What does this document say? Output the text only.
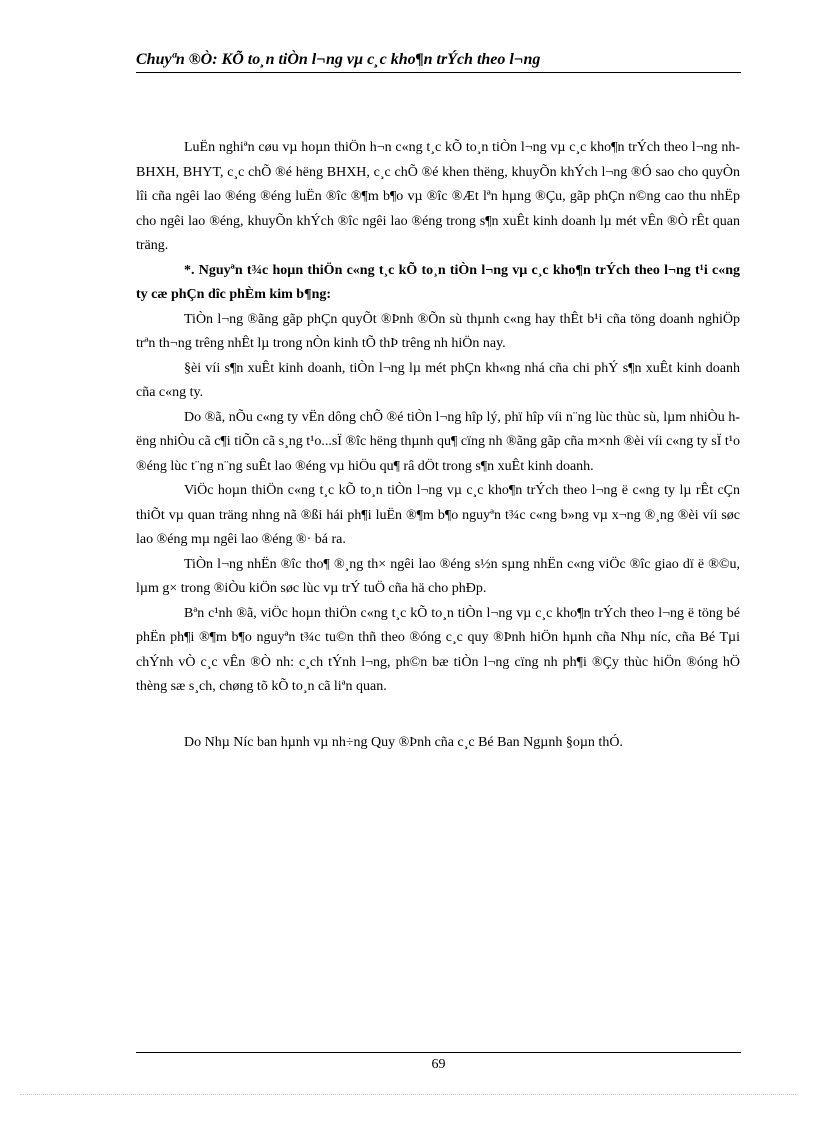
Chuyªn ®Ò: KÕ to¸n tiÒn l¬ng vµ c¸c kho¶n trÝch theo l¬ng

LuËn nghiªn cøu vµ hoµn thiÖn h¬n c«ng t¸c kÕ to¸n tiÒn l¬ng vµ c¸c kho¶n trÝch theo l¬ng nh BHXH, BHYT, c¸c chÕ ®é hëng BHXH, c¸c chÕ ®é khen thëng, khuyÕn khÝch l¬ng ®Ó sao cho quyÒn lîi cña ngêi lao ®éng ®éng luËn ®îc ®¶m b¶o vµ ®îc ®Æt lªn hµng ®Çu, gãp phÇn n©ng cao thu nhËp cho ngêi lao ®éng, khuyÕn khÝch ®îc ngêi lao ®éng trong s¶n xuÊt kinh doanh lµ mét vÊn ®Ò rÊt quan träng.

*. Nguyªn t¾c hoµn thiÖn c«ng t¸c kÕ to¸n tiÒn l¬ng vµ c¸c kho¶n trÝch theo l¬ng t¹i c«ng ty cæ phÇn dîc phÈm kim b¶ng:

TiÒn l¬ng ®ãng gãp phÇn quyÕt ®Þnh ®Õn sù thµnh c«ng hay thÊt b¹i cña töng doanh nghiÖp trªn th¬ng trêng nhÊt lµ trong nÒn kinh tÕ thÞ trêng nh hiÖn nay.

§èi víi s¶n xuÊt kinh doanh, tiÒn l¬ng lµ mét phÇn kh«ng nhá cña chi phÝ s¶n xuÊt kinh doanh cña c«ng ty.

Do ®ã, nÕu c«ng ty vËn dông chÕ ®é tiÒn l¬ng hîp lý, phï hîp víi n¨ng lùc thùc sù, lµm nhiÒu hëng nhiÒu cã c¶i tiÕn cã s¸ng t¹o...sÏ ®îc hëng thµnh qu¶ cïng nh ®ãng gãp cña m×nh ®èi víi c«ng ty sÏ t¹o ®éng lùc t¨ng n¨ng suÊt lao ®éng vµ hiÖu qu¶ râ dÖt trong s¶n xuÊt kinh doanh.

ViÖc hoµn thiÖn c«ng t¸c kÕ to¸n tiÒn l¬ng vµ c¸c kho¶n trÝch theo l¬ng ë c«ng ty lµ rÊt cÇn thiÕt vµ quan träng nhng nã ®ßi hái ph¶i luËn ®¶m b¶o nguyªn t¾c c«ng b»ng vµ x¬ng ®¸ng ®èi víi søc lao ®éng mµ ngêi lao ®éng ®· bá ra.

TiÒn l¬ng nhËn ®îc tho¶ ®¸ng th× ngêi lao ®éng s½n sµng nhËn c«ng viÖc ®îc giao dï ë ®©u, lµm g× trong ®iÒu kiÖn søc lùc vµ trÝ tuÖ cña hä cho phÐp.

Bªn c¹nh ®ã, viÖc hoµn thiÖn c«ng t¸c kÕ to¸n tiÒn l¬ng vµ c¸c kho¶n trÝch theo l¬ng ë töng bé phËn ph¶i ®¶m b¶o nguyªn t¾c tu©n thñ theo ®óng c¸c quy ®Þnh hiÖn hµnh cña Nhµ níc, cña Bé Tµi chÝnh vÒ c¸c vÊn ®Ò nh: c¸ch tÝnh l¬ng, ph©n bæ tiÒn l¬ng cïng nh ph¶i ®Çy thùc hiÖn ®óng hÖ thèng sæ s¸ch, chøng tõ kÕ to¸n cã liªn quan.

Do Nhµ Níc ban hµnh vµ nh÷ng Quy ®Þnh cña c¸c Bé Ban Ngµnh §oµn thÓ.

69
